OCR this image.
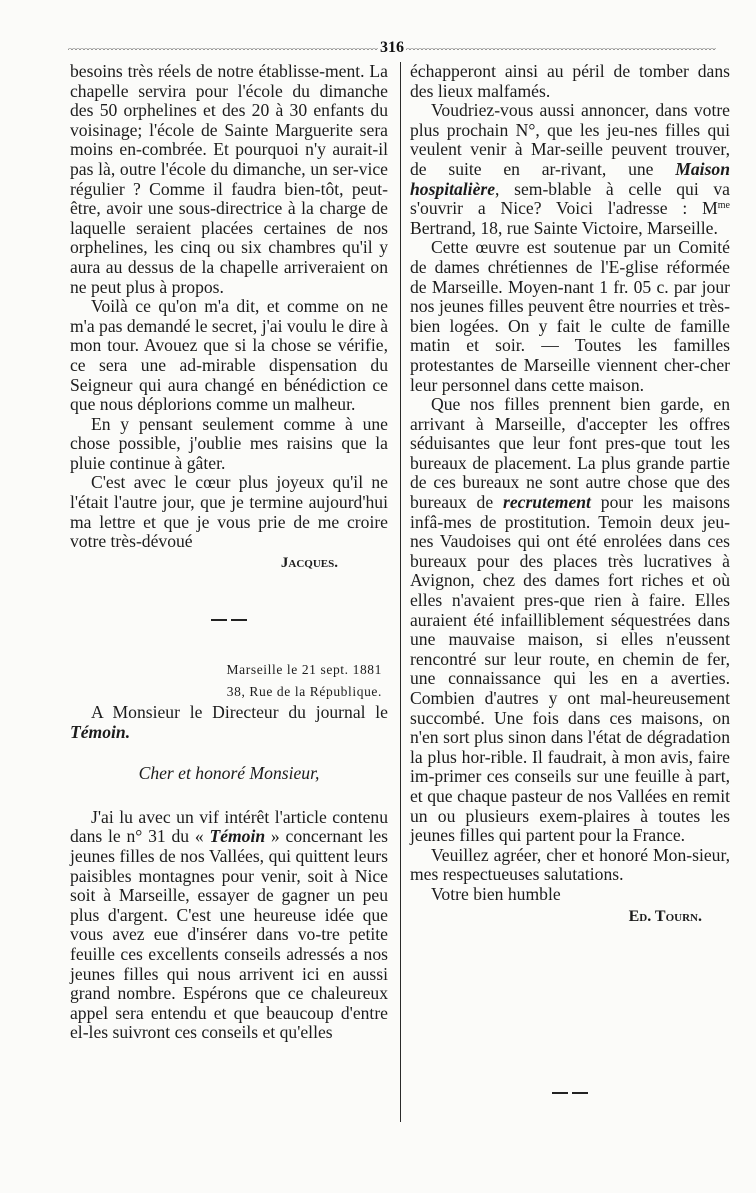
316

besoins très réels de notre établisse-ment. La chapelle servira pour l'école du dimanche des 50 orphelines et des 20 à 30 enfants du voisinage; l'école de Sainte Marguerite sera moins en-combrée. Et pourquoi n'y aurait-il pas là, outre l'école du dimanche, un ser-vice régulier ? Comme il faudra bien-tôt, peut-être, avoir une sous-directrice à la charge de laquelle seraient placées certaines de nos orphelines, les cinq ou six chambres qu'il y aura au dessus de la chapelle arriveraient on ne peut plus à propos.

Voilà ce qu'on m'a dit, et comme on ne m'a pas demandé le secret, j'ai voulu le dire à mon tour. Avouez que si la chose se vérifie, ce sera une ad-mirable dispensation du Seigneur qui aura changé en bénédiction ce que nous déplorions comme un malheur.

En y pensant seulement comme à une chose possible, j'oublie mes raisins que la pluie continue à gâter.

C'est avec le cœur plus joyeux qu'il ne l'était l'autre jour, que je termine aujourd'hui ma lettre et que je vous prie de me croire votre très-dévoué

Jacques.
Marseille le 21 sept. 1881
38, Rue de la République.

A Monsieur le Directeur du journal le Témoin.

Cher et honoré Monsieur,

J'ai lu avec un vif intérêt l'article contenu dans le n° 31 du « Témoin » concernant les jeunes filles de nos Vallées, qui quittent leurs paisibles montagnes pour venir, soit à Nice soit à Marseille, essayer de gagner un peu plus d'argent. C'est une heureuse idée que vous avez eue d'insérer dans vo-tre petite feuille ces excellents conseils adressés a nos jeunes filles qui nous arrivent ici en aussi grand nombre. Espérons que ce chaleureux appel sera entendu et que beaucoup d'entre el-les suivront ces conseils et qu'elles

échapperont ainsi au péril de tomber dans des lieux malfamés.

Voudriez-vous aussi annoncer, dans votre plus prochain N°, que les jeu-nes filles qui veulent venir à Mar-seille peuvent trouver, de suite en ar-rivant, une Maison hospitalière, sem-blable à celle qui va s'ouvrir a Nice? Voici l'adresse : $M^{me}$ Bertrand, 18, rue Sainte Victoire, Marseille.

Cette œuvre est soutenue par un Comité de dames chrétiennes de l'E-glise réformée de Marseille. Moyen-nant 1 fr. 05 c. par jour nos jeunes filles peuvent être nourries et très-bien logées. On y fait le culte de famille matin et soir. — Toutes les familles protestantes de Marseille viennent cher-cher leur personnel dans cette maison.

Que nos filles prennent bien garde, en arrivant à Marseille, d'accepter les offres séduisantes que leur font pres-que tout les bureaux de placement. La plus grande partie de ces bureaux ne sont autre chose que des bureaux de recrutement pour les maisons infâ-mes de prostitution. Temoin deux jeu-nes Vaudoises qui ont été enrolées dans ces bureaux pour des places très lucratives à Avignon, chez des dames fort riches et où elles n'avaient pres-que rien à faire. Elles auraient été infailliblement séquestrées dans une mauvaise maison, si elles n'eussent rencontré sur leur route, en chemin de fer, une connaissance qui les en a averties. Combien d'autres y ont mal-heureusement succombé. Une fois dans ces maisons, on n'en sort plus sinon dans l'état de dégradation la plus hor-rible. Il faudrait, à mon avis, faire im-primer ces conseils sur une feuille à part, et que chaque pasteur de nos Vallées en remit un ou plusieurs exem-plaires à toutes les jeunes filles qui partent pour la France.

Veuillez agréer, cher et honoré Mon-sieur, mes respectueuses salutations.

Votre bien humble

Ed. Tourn.
